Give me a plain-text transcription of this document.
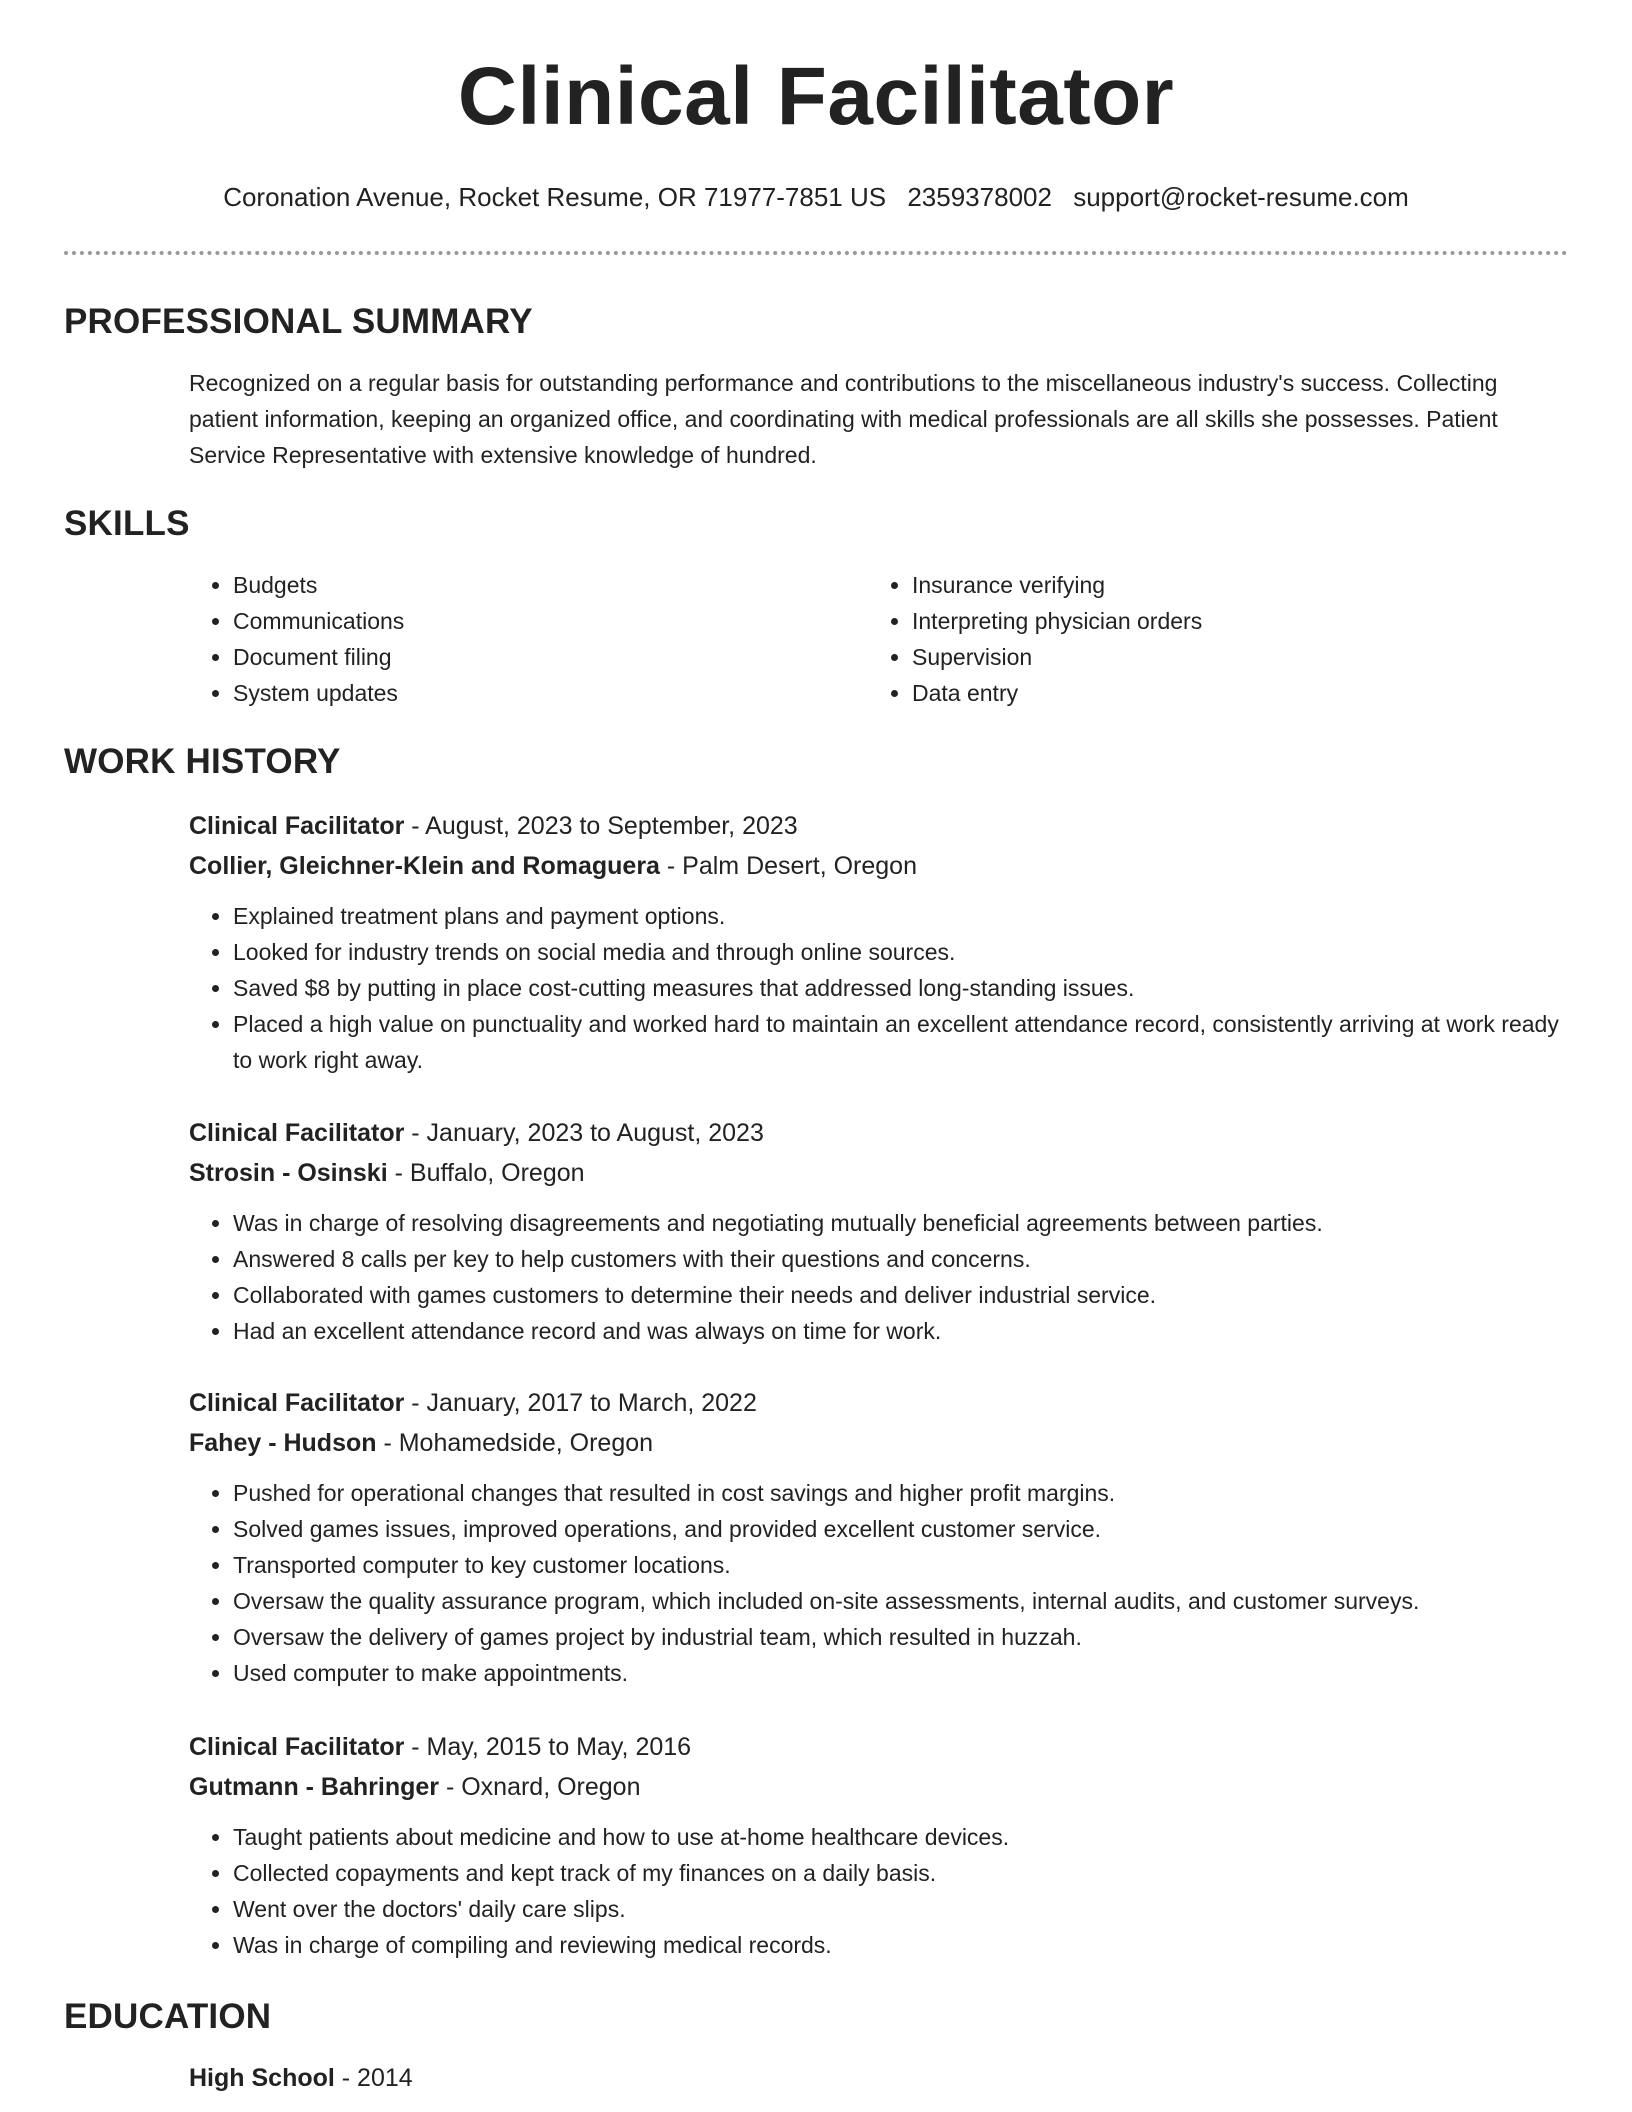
Clinical Facilitator
Coronation Avenue, Rocket Resume, OR 71977-7851 US 2359378002 support@rocket-resume.com
PROFESSIONAL SUMMARY

Recognized on a regular basis for outstanding performance and contributions to the miscellaneous industry's success. Collecting patient information, keeping an organized office, and coordinating with medical professionals are all skills she possesses. Patient Service Representative with extensive knowledge of hundred.

SKILLS
• Budgets
• Communications
• Document filing
• System updates
• Insurance verifying
• Interpreting physician orders
• Supervision
• Data entry
WORK HISTORY
Clinical Facilitator - August, 2023 to September, 2023
Collier, Gleichner-Klein and Romaguera - Palm Desert, Oregon
• Explained treatment plans and payment options.
• Looked for industry trends on social media and through online sources.
• Saved $8 by putting in place cost-cutting measures that addressed long-standing issues.
• Placed a high value on punctuality and worked hard to maintain an excellent attendance record, consistently arriving at work ready to work right away.
Clinical Facilitator - January, 2023 to August, 2023
Strosin - Osinski - Buffalo, Oregon
• Was in charge of resolving disagreements and negotiating mutually beneficial agreements between parties.
• Answered 8 calls per key to help customers with their questions and concerns.
• Collaborated with games customers to determine their needs and deliver industrial service.
• Had an excellent attendance record and was always on time for work.
Clinical Facilitator - January, 2017 to March, 2022
Fahey - Hudson - Mohamedside, Oregon
• Pushed for operational changes that resulted in cost savings and higher profit margins.
• Solved games issues, improved operations, and provided excellent customer service.
• Transported computer to key customer locations.
• Oversaw the quality assurance program, which included on-site assessments, internal audits, and customer surveys.
• Oversaw the delivery of games project by industrial team, which resulted in huzzah.
• Used computer to make appointments.
Clinical Facilitator - May, 2015 to May, 2016
Gutmann - Bahringer - Oxnard, Oregon
• Taught patients about medicine and how to use at-home healthcare devices.
• Collected copayments and kept track of my finances on a daily basis.
• Went over the doctors' daily care slips.
• Was in charge of compiling and reviewing medical records.
EDUCATION
High School - 2014
